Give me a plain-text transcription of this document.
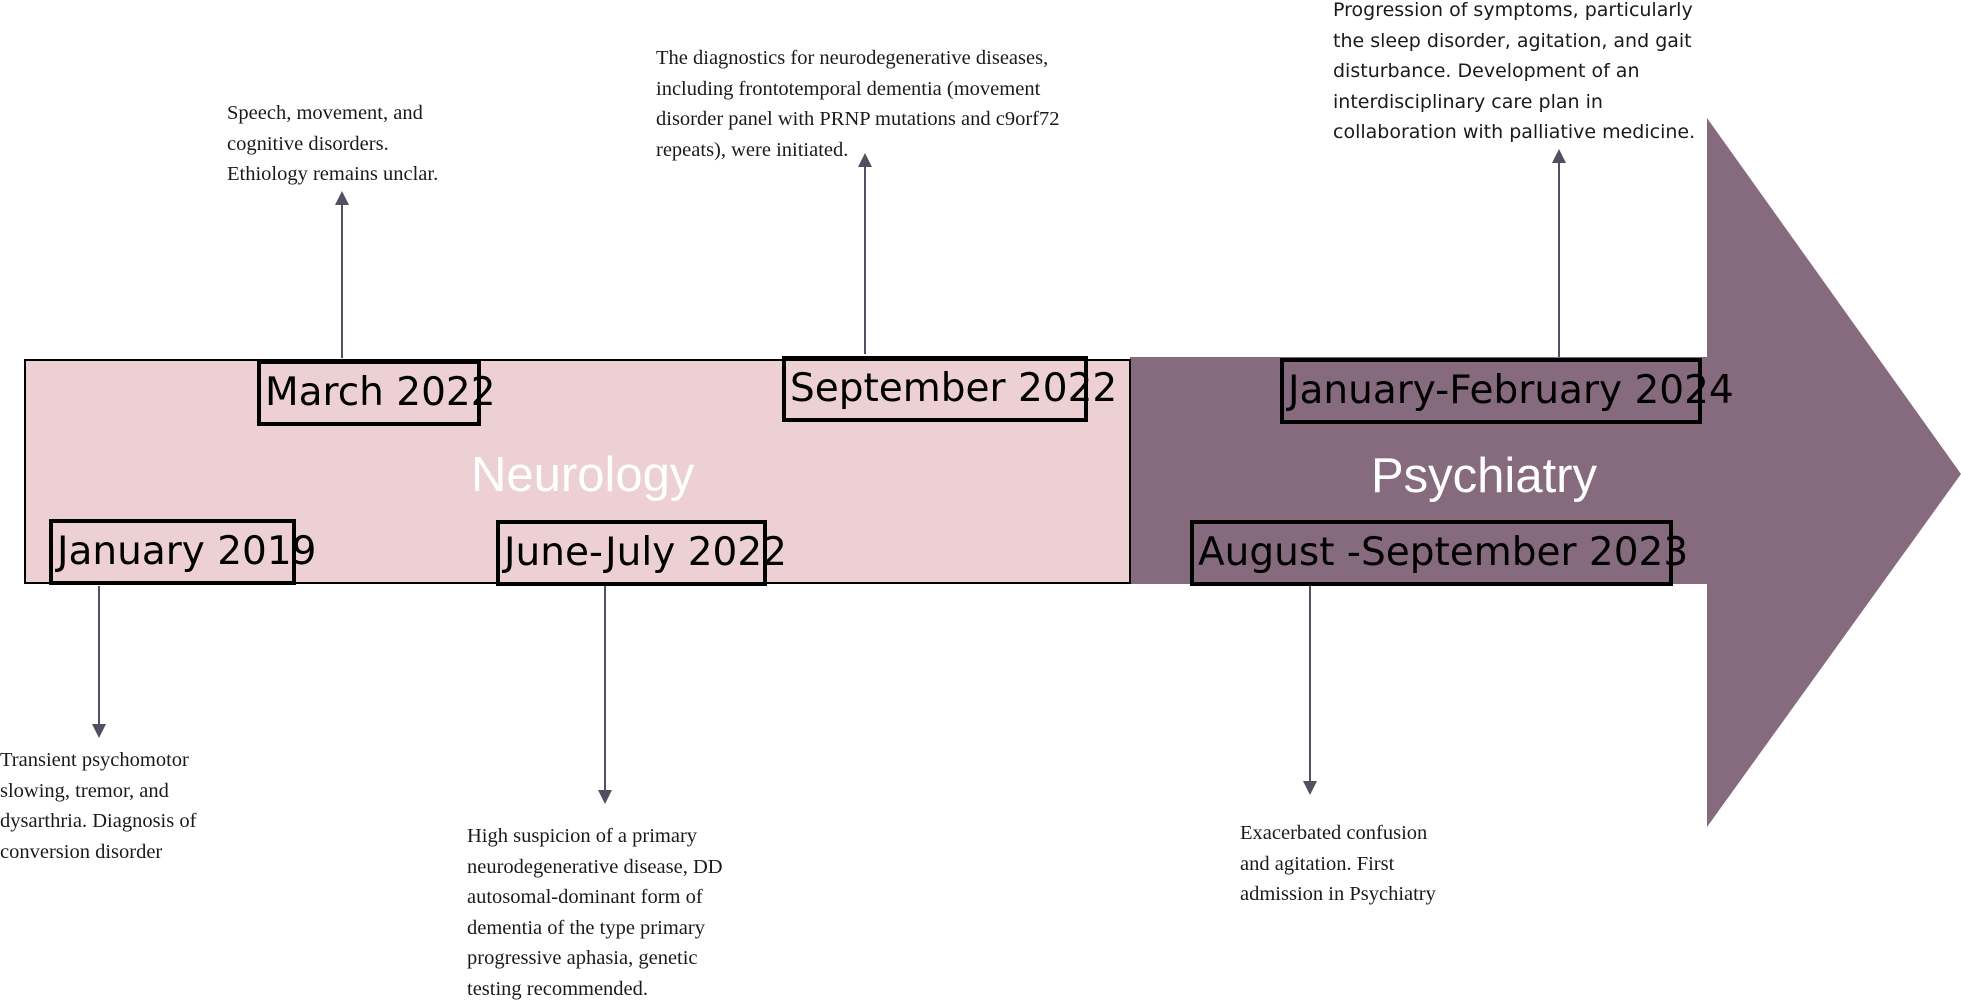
Neurology	Psychiatry
January 2019
March 2022
June-July 2022
September 2022
August -September 2023
January-February 2024

Transient psychomotor
slowing, tremor, and
dysarthria. Diagnosis of
conversion disorder

Speech, movement, and
cognitive disorders.
Ethiology remains unclar.

High suspicion of a primary
neurodegenerative disease, DD
autosomal-dominant form of
dementia of the type primary
progressive aphasia, genetic
testing recommended.

The diagnostics for neurodegenerative diseases,
including frontotemporal dementia (movement
disorder panel with PRNP mutations and c9orf72
repeats), were initiated.

Exacerbated confusion
and agitation. First
admission in Psychiatry

Progression of symptoms, particularly
the sleep disorder, agitation, and gait
disturbance. Development of an
interdisciplinary care plan in
collaboration with palliative medicine.
